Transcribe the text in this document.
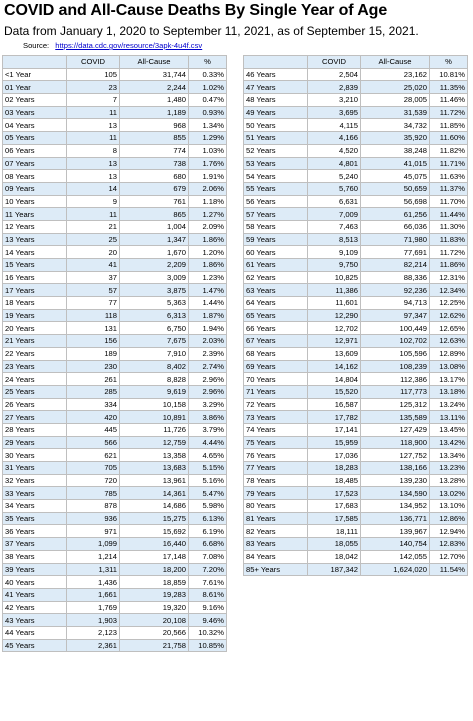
COVID and All-Cause Deaths By Single Year of Age
Data from January 1, 2020 to September 11, 2021, as of September 15, 2021.
Source: https://data.cdc.gov/resource/3apk-4u4f.csv
	COVID	All-Cause	%
<1 Year	105	31,744	0.33%
01 Year	23	2,244	1.02%
02 Years	7	1,480	0.47%
03 Years	11	1,189	0.93%
04 Years	13	968	1.34%
05 Years	11	855	1.29%
06 Years	8	774	1.03%
07 Years	13	738	1.76%
08 Years	13	680	1.91%
09 Years	14	679	2.06%
10 Years	9	761	1.18%
11 Years	11	865	1.27%
12 Years	21	1,004	2.09%
13 Years	25	1,347	1.86%
14 Years	20	1,670	1.20%
15 Years	41	2,209	1.86%
16 Years	37	3,009	1.23%
17 Years	57	3,875	1.47%
18 Years	77	5,363	1.44%
19 Years	118	6,313	1.87%
20 Years	131	6,750	1.94%
21 Years	156	7,675	2.03%
22 Years	189	7,910	2.39%
23 Years	230	8,402	2.74%
24 Years	261	8,828	2.96%
25 Years	285	9,619	2.96%
26 Years	334	10,158	3.29%
27 Years	420	10,891	3.86%
28 Years	445	11,726	3.79%
29 Years	566	12,759	4.44%
30 Years	621	13,358	4.65%
31 Years	705	13,683	5.15%
32 Years	720	13,961	5.16%
33 Years	785	14,361	5.47%
34 Years	878	14,686	5.98%
35 Years	936	15,275	6.13%
36 Years	971	15,692	6.19%
37 Years	1,099	16,440	6.68%
38 Years	1,214	17,148	7.08%
39 Years	1,311	18,200	7.20%
40 Years	1,436	18,859	7.61%
41 Years	1,661	19,283	8.61%
42 Years	1,769	19,320	9.16%
43 Years	1,903	20,108	9.46%
44 Years	2,123	20,566	10.32%
45 Years	2,361	21,758	10.85%
	COVID	All-Cause	%
46 Years	2,504	23,162	10.81%
47 Years	2,839	25,020	11.35%
48 Years	3,210	28,005	11.46%
49 Years	3,695	31,539	11.72%
50 Years	4,115	34,732	11.85%
51 Years	4,166	35,920	11.60%
52 Years	4,520	38,248	11.82%
53 Years	4,801	41,015	11.71%
54 Years	5,240	45,075	11.63%
55 Years	5,760	50,659	11.37%
56 Years	6,631	56,698	11.70%
57 Years	7,009	61,256	11.44%
58 Years	7,463	66,036	11.30%
59 Years	8,513	71,980	11.83%
60 Years	9,109	77,691	11.72%
61 Years	9,750	82,214	11.86%
62 Years	10,825	88,336	12.31%
63 Years	11,386	92,236	12.34%
64 Years	11,601	94,713	12.25%
65 Years	12,290	97,347	12.62%
66 Years	12,702	100,449	12.65%
67 Years	12,971	102,702	12.63%
68 Years	13,609	105,596	12.89%
69 Years	14,162	108,239	13.08%
70 Years	14,804	112,386	13.17%
71 Years	15,520	117,773	13.18%
72 Years	16,587	125,312	13.24%
73 Years	17,782	135,589	13.11%
74 Years	17,141	127,429	13.45%
75 Years	15,959	118,900	13.42%
76 Years	17,036	127,752	13.34%
77 Years	18,283	138,166	13.23%
78 Years	18,485	139,230	13.28%
79 Years	17,523	134,590	13.02%
80 Years	17,683	134,952	13.10%
81 Years	17,585	136,771	12.86%
82 Years	18,111	139,967	12.94%
83 Years	18,055	140,754	12.83%
84 Years	18,042	142,055	12.70%
85+ Years	187,342	1,624,020	11.54%
